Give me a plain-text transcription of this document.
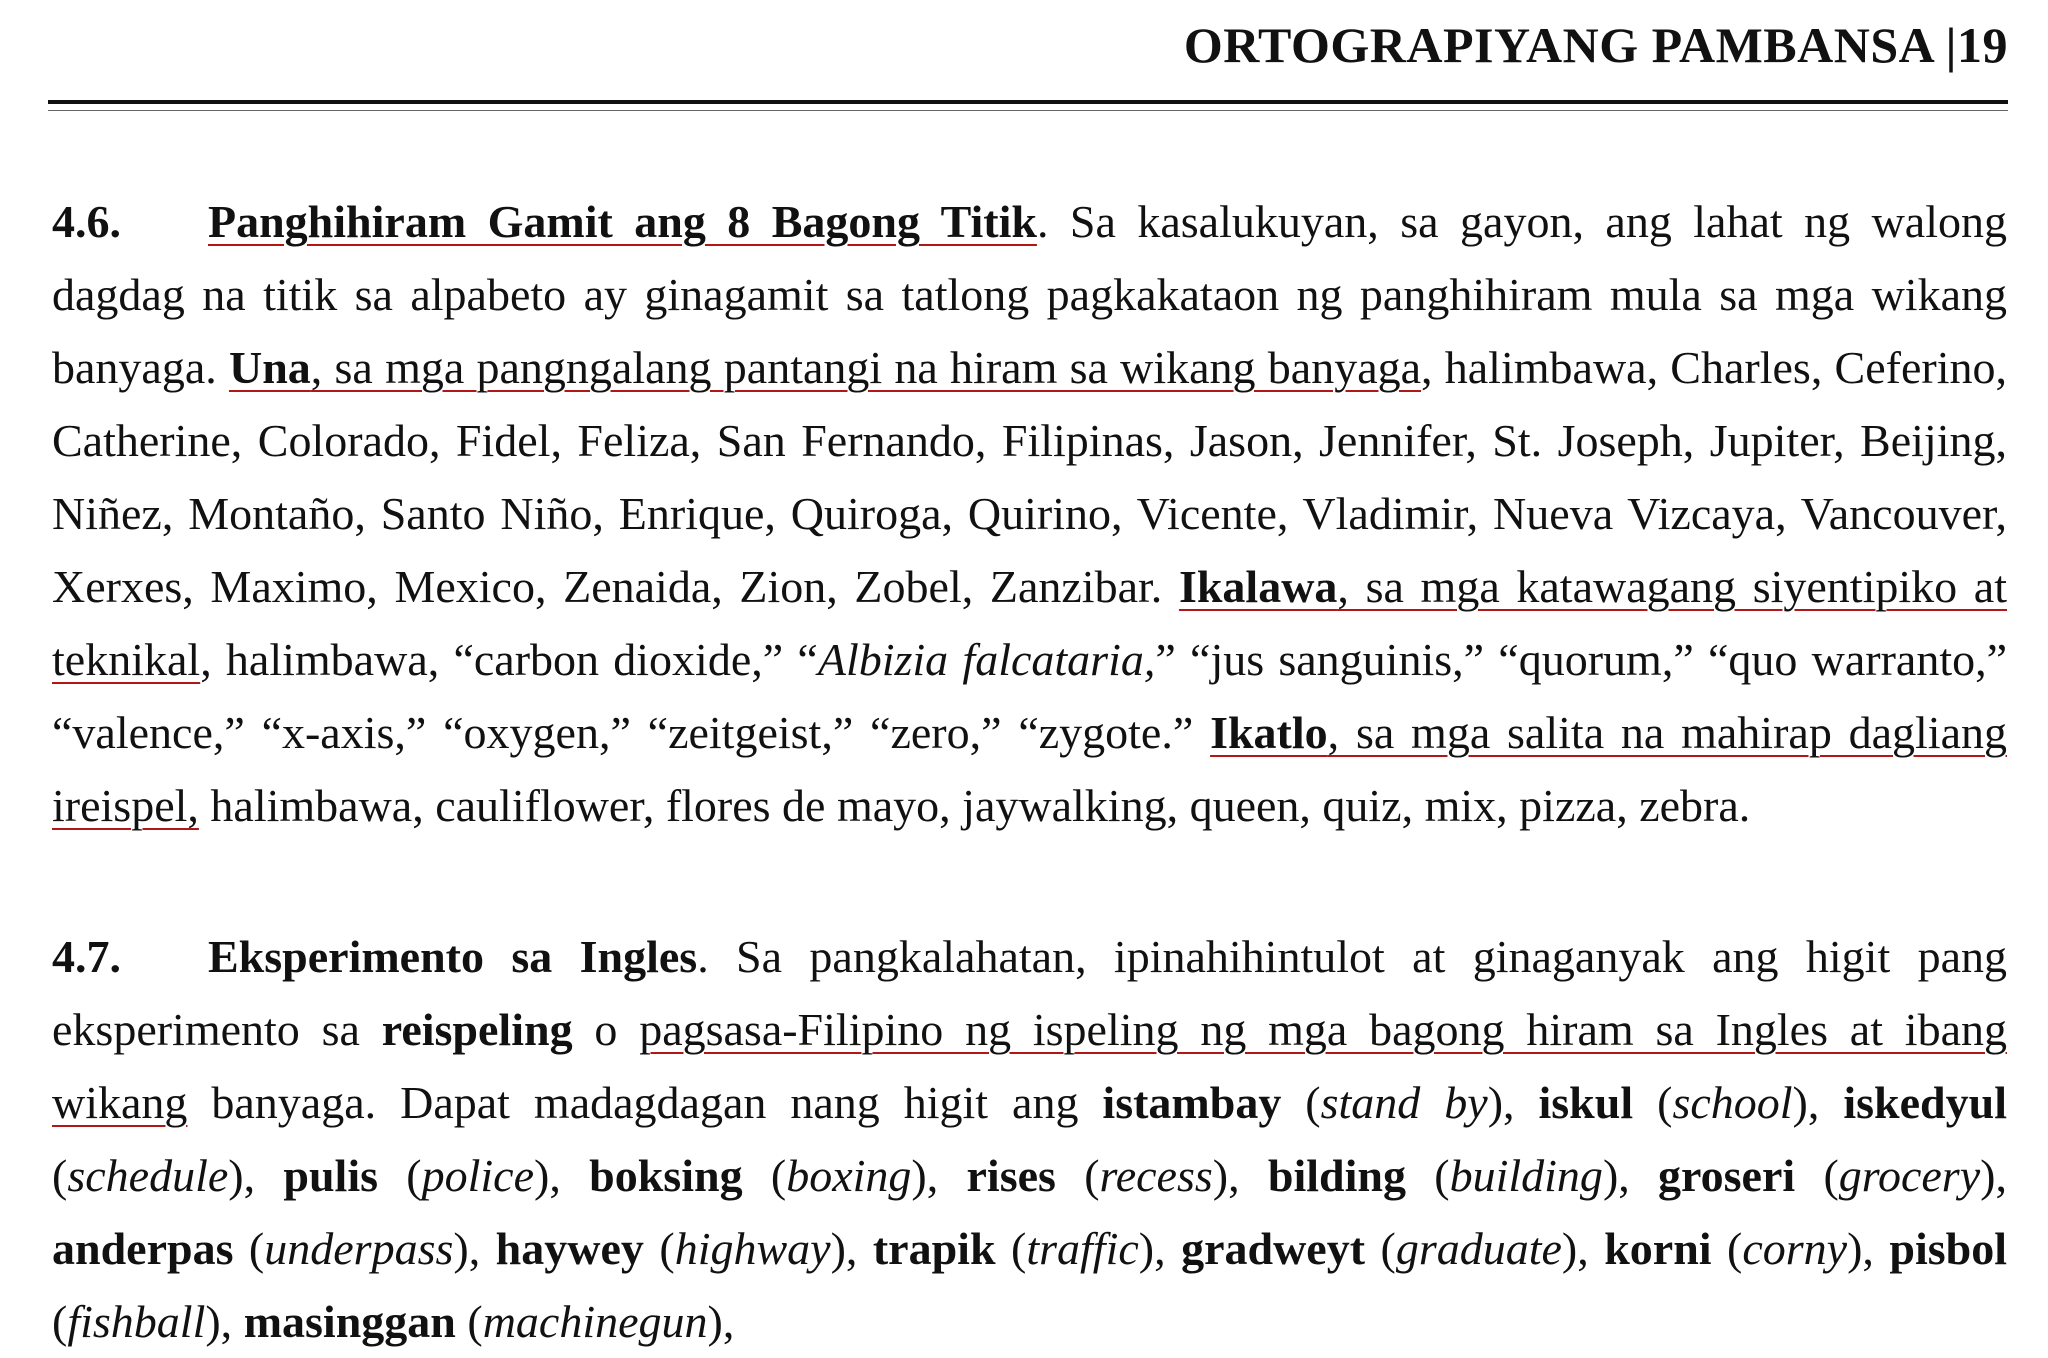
ORTOGRAPIYANG PAMBANSA |19
4.6. Panghihiram Gamit ang 8 Bagong Titik. Sa kasalukuyan, sa gayon, ang lahat ng walong dagdag na titik sa alpabeto ay ginagamit sa tatlong pagkakataon ng panghihiram mula sa mga wikang banyaga. Una, sa mga pangngalang pantangi na hiram sa wikang banyaga, halimbawa, Charles, Ceferino, Catherine, Colorado, Fidel, Feliza, San Fernando, Filipinas, Jason, Jennifer, St. Joseph, Jupiter, Beijing, Niñez, Montaño, Santo Niño, Enrique, Quiroga, Quirino, Vicente, Vladimir, Nueva Vizcaya, Vancouver, Xerxes, Maximo, Mexico, Zenaida, Zion, Zobel, Zanzibar. Ikalawa, sa mga katawagang siyentipiko at teknikal, halimbawa, “carbon dioxide,” “Albizia falcataria,” “jus sanguinis,” “quorum,” “quo warranto,” “valence,” “x-axis,” “oxygen,” “zeitgeist,” “zero,” “zygote.” Ikatlo, sa mga salita na mahirap dagliang ireispel, halimbawa, cauliflower, flores de mayo, jaywalking, queen, quiz, mix, pizza, zebra.
4.7. Eksperimento sa Ingles. Sa pangkalahatan, ipinahihintulot at ginaganyak ang higit pang eksperimento sa reispeling o pagsasa-Filipino ng ispeling ng mga bagong hiram sa Ingles at ibang wikang banyaga. Dapat madagdagan nang higit ang istambay (stand by), iskul (school), iskedyul (schedule), pulis (police), boksing (boxing), rises (recess), bilding (building), groseri (grocery), anderpas (underpass), haywey (highway), trapik (traffic), gradweyt (graduate), korni (corny), pisbol (fishball), masinggan (machinegun),
